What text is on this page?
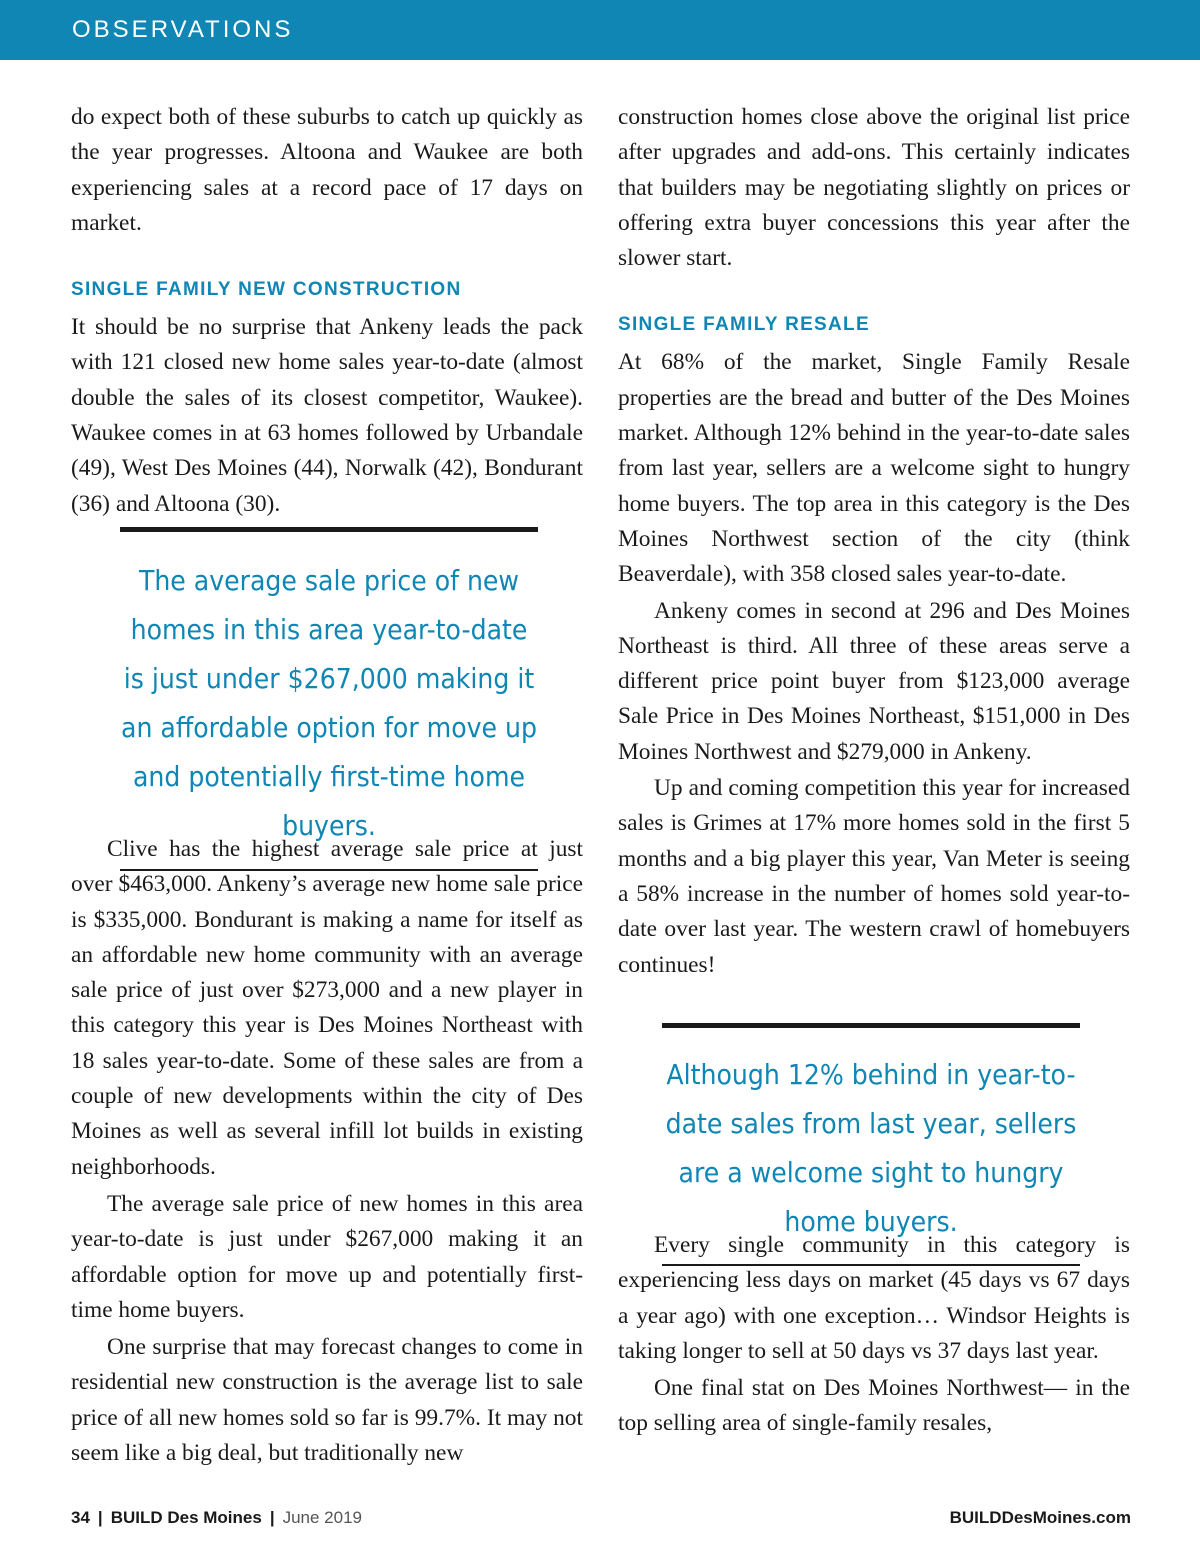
OBSERVATIONS

do expect both of these suburbs to catch up quickly as the year progresses. Altoona and Waukee are both experiencing sales at a record pace of 17 days on market.

SINGLE FAMILY NEW CONSTRUCTION

It should be no surprise that Ankeny leads the pack with 121 closed new home sales year-to-date (almost double the sales of its closest competitor, Waukee). Waukee comes in at 63 homes followed by Urbandale (49), West Des Moines (44), Norwalk (42), Bondurant (36) and Altoona (30).

The average sale price of new homes in this area year-to-date is just under $267,000 making it an affordable option for move up and potentially first-time home buyers.

Clive has the highest average sale price at just over $463,000. Ankeny’s average new home sale price is $335,000. Bondurant is making a name for itself as an affordable new home community with an average sale price of just over $273,000 and a new player in this category this year is Des Moines Northeast with 18 sales year-to-date. Some of these sales are from a couple of new developments within the city of Des Moines as well as several infill lot builds in existing neighborhoods.

The average sale price of new homes in this area year-to-date is just under $267,000 making it an affordable option for move up and potentially first-time home buyers.

One surprise that may forecast changes to come in residential new construction is the average list to sale price of all new homes sold so far is 99.7%. It may not seem like a big deal, but traditionally new

construction homes close above the original list price after upgrades and add-ons. This certainly indicates that builders may be negotiating slightly on prices or offering extra buyer concessions this year after the slower start.

SINGLE FAMILY RESALE

At 68% of the market, Single Family Resale properties are the bread and butter of the Des Moines market. Although 12% behind in the year-to-date sales from last year, sellers are a welcome sight to hungry home buyers. The top area in this category is the Des Moines Northwest section of the city (think Beaverdale), with 358 closed sales year-to-date.

Ankeny comes in second at 296 and Des Moines Northeast is third. All three of these areas serve a different price point buyer from $123,000 average Sale Price in Des Moines Northeast, $151,000 in Des Moines Northwest and $279,000 in Ankeny.

Up and coming competition this year for increased sales is Grimes at 17% more homes sold in the first 5 months and a big player this year, Van Meter is seeing a 58% increase in the number of homes sold year-to-date over last year. The western crawl of homebuyers continues!

Although 12% behind in year-to-date sales from last year, sellers are a welcome sight to hungry home buyers.

Every single community in this category is experiencing less days on market (45 days vs 67 days a year ago) with one exception… Windsor Heights is taking longer to sell at 50 days vs 37 days last year.

One final stat on Des Moines Northwest— in the top selling area of single-family resales,

34 | BUILD Des Moines | June 2019	BUILDDesMoines.com
